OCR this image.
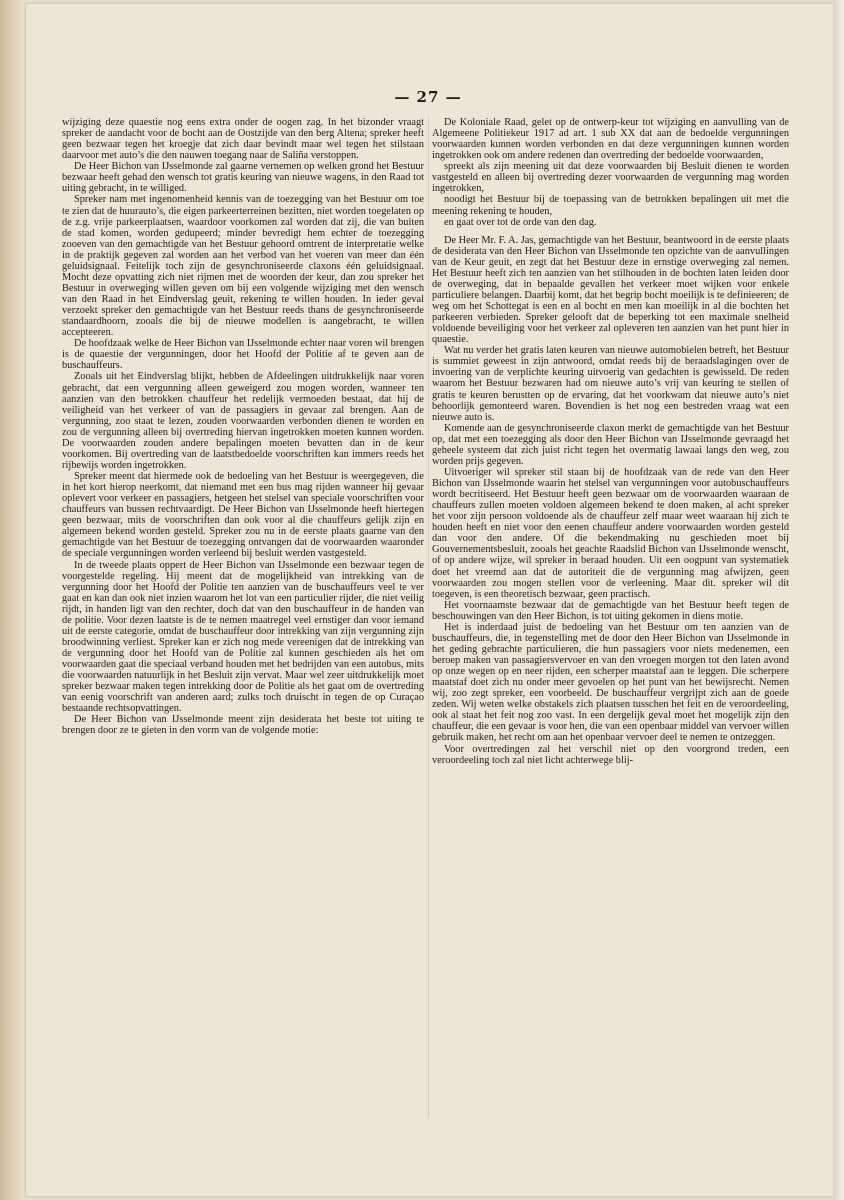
— 27 —

wijziging deze quaestie nog eens extra onder de oogen zag. In het bizonder vraagt spreker de aandacht voor de bocht aan de Oostzijde van den berg Altena; spreker heeft geen bezwaar tegen het kroegje dat zich daar bevindt maar wel tegen het stilstaan daarvoor met auto’s die den nauwen toegang naar de Saliña verstoppen.

De Heer Bichon van IJsselmonde zal gaarne vernemen op welken grond het Bestuur bezwaar heeft gehad den wensch tot gratis keuring van nieuwe wagens, in den Raad tot uiting gebracht, in te williged.

Spreker nam met ingenomenheid kennis van de toezegging van het Bestuur om toe te zien dat de huurauto’s, die eigen parkeerterreinen bezitten, niet worden toegelaten op de z.g. vrije parkeerplaatsen, waardoor voorkomen zal worden dat zij, die van buiten de stad komen, worden gedupeerd; minder bevredigt hem echter de toezegging zooeven van den gemachtigde van het Bestuur gehoord omtrent de interpretatie welke in de praktijk gegeven zal worden aan het verbod van het voeren van meer dan één geluidsignaal. Feitelijk toch zijn de gesynchroniseerde claxons één geluidsignaal. Mocht deze opvatting zich niet rijmen met de woorden der keur, dan zou spreker het Bestuur in overweging willen geven om bij een volgende wijziging met den wensch van den Raad in het Eindverslag geuit, rekening te willen houden. In ieder geval verzoekt spreker den gemachtigde van het Bestuur reeds thans de gesynchroniseerde standaardhoorn, zooals die bij de nieuwe modellen is aangebracht, te willen accepteeren.

De hoofdzaak welke de Heer Bichon van IJsselmonde echter naar voren wil brengen is de quaestie der vergunningen, door het Hoofd der Politie af te geven aan de buschauffeurs.

Zooals uit het Eindverslag blijkt, hebben de Afdeelingen uitdrukkelijk naar voren gebracht, dat een vergunning alleen geweigerd zou mogen worden, wanneer ten aanzien van den betrokken chauffeur het redelijk vermoeden bestaat, dat hij de veiligheid van het verkeer of van de passagiers in gevaar zal brengen. Aan de vergunning, zoo staat te lezen, zouden voorwaarden verbonden dienen te worden en zou de vergunning alleen bij overtreding hiervan ingetrokken moeten kunnen worden. De voorwaarden zouden andere bepalingen moeten bevatten dan in de keur voorkomen. Bij overtreding van de laatstbedoelde voorschriften kan immers reeds het rijbewijs worden ingetrokken.

Spreker meent dat hiermede ook de bedoeling van het Bestuur is weergegeven, die in het kort hierop neerkomt, dat niemand met een bus mag rijden wanneer hij gevaar oplevert voor verkeer en passagiers, hetgeen het stelsel van speciale voorschriften voor chauffeurs van bussen rechtvaardigt. De Heer Bichon van IJsselmonde heeft hiertegen geen bezwaar, mits de voorschriften dan ook voor al die chauffeurs gelijk zijn en algemeen bekend worden gesteld. Spreker zou nu in de eerste plaats gaarne van den gemachtigde van het Bestuur de toezegging ontvangen dat de voorwaarden waaronder de speciale vergunningen worden verleend bij besluit werden vastgesteld.

In de tweede plaats oppert de Heer Bichon van IJsselmonde een bezwaar tegen de voorgestelde regeling. Hij meent dat de mogelijkheid van intrekking van de vergunning door het Hoofd der Politie ten aanzien van de buschauffeurs veel te ver gaat en kan dan ook niet inzien waarom het lot van een particulier rijder, die niet veilig rijdt, in handen ligt van den rechter, doch dat van den buschauffeur in de handen van de politie. Voor dezen laatste is de te nemen maatregel veel ernstiger dan voor iemand uit de eerste categorie, omdat de buschauffeur door intrekking van zijn vergunning zijn broodwinning verliest. Spreker kan er zich nog mede vereenigen dat de intrekking van de vergunning door het Hoofd van de Politie zal kunnen geschieden als het om voorwaarden gaat die speciaal verband houden met het bedrijden van een autobus, mits die voorwaarden natuurlijk in het Besluit zijn vervat. Maar wel zeer uitdrukkelijk moet spreker bezwaar maken tegen intrekking door de Politie als het gaat om de overtreding van eenig voorschrift van anderen aard; zulks toch druischt in tegen de op Curaçao bestaande rechtsopvattingen.

De Heer Bichon van IJsselmonde meent zijn desiderata het beste tot uiting te brengen door ze te gieten in den vorm van de volgende motie:

De Koloniale Raad, gelet op de ontwerp-keur tot wijziging en aanvulling van de Algemeene Politiekeur 1917 ad art. 1 sub XX dat aan de bedoelde vergunningen voorwaarden kunnen worden verbonden en dat deze vergunningen kunnen worden ingetrokken ook om andere redenen dan overtreding der bedoelde voorwaarden,

spreekt als zijn meening uit dat deze voorwaarden bij Besluit dienen te worden vastgesteld en alleen bij overtreding dezer voorwaarden de vergunning mag worden ingetrokken,

noodigt het Bestuur bij de toepassing van de betrokken bepalingen uit met die meening rekening te houden,

en gaat over tot de orde van den dag.

De Heer Mr. F. A. Jas, gemachtigde van het Bestuur, beantwoord in de eerste plaats de desiderata van den Heer Bichon van IJsselmonde ten opzichte van de aanvullingen van de Keur geuit, en zegt dat het Bestuur deze in ernstige overweging zal nemen. Het Bestuur heeft zich ten aanzien van het stilhouden in de bochten laten leiden door de overweging, dat in bepaalde gevallen het verkeer moet wijken voor enkele particuliere belangen. Daarbij komt, dat het begrip bocht moeilijk is te definieeren; de weg om het Schottegat is een en al bocht en men kan moeilijk in al die bochten het parkeeren verbieden. Spreker gelooft dat de beperking tot een maximale snelheid voldoende beveiliging voor het verkeer zal opleveren ten aanzien van het punt hier in quaestie.

Wat nu verder het gratis laten keuren van nieuwe automobielen betreft, het Bestuur is summiet geweest in zijn antwoord, omdat reeds bij de beraadslagingen over de invoering van de verplichte keuring uitvoerig van gedachten is gewisseld. De reden waarom het Bestuur bezwaren had om nieuwe auto’s vrij van keuring te stellen of gratis te keuren berustten op de ervaring, dat het voorkwam dat nieuwe auto’s niet behoorlijk gemonteerd waren. Bovendien is het nog een bestreden vraag wat een nieuwe auto is.

Komende aan de gesynchroniseerde claxon merkt de gemachtigde van het Bestuur op, dat met een toezegging als door den Heer Bichon van IJsselmonde gevraagd het geheele systeem dat zich juist richt tegen het overmatig lawaai langs den weg, zou worden prijs gegeven.

Uitvoeriger wil spreker stil staan bij de hoofdzaak van de rede van den Heer Bichon van IJsselmonde waarin het stelsel van vergunningen voor autobuschauffeurs wordt becritiseerd. Het Bestuur heeft geen bezwaar om de voorwaarden waaraan de chauffeurs zullen moeten voldoen algemeen bekend te doen maken, al acht spreker het voor zijn persoon voldoende als de chauffeur zelf maar weet waaraan hij zich te houden heeft en niet voor den eenen chauffeur andere voorwaarden worden gesteld dan voor den andere. Of die bekendmaking nu geschieden moet bij Gouvernementsbesluit, zooals het geachte Raadslid Bichon van IJsselmonde wenscht, of op andere wijze, wil spreker in beraad houden. Uit een oogpunt van systematiek doet het vreemd aan dat de autoriteit die de vergunning mag afwijzen, geen voorwaarden zou mogen stellen voor de verleening. Maar dit. spreker wil dit toegeven, is een theoretisch bezwaar, geen practisch.

Het voornaamste bezwaar dat de gemachtigde van het Bestuur heeft tegen de beschouwingen van den Heer Bichon, is tot uiting gekomen in diens motie.

Het is inderdaad juist de bedoeling van het Bestuur om ten aanzien van de buschauffeurs, die, in tegenstelling met de door den Heer Bichon van IJsselmonde in het geding gebrachte particulieren, die hun passagiers voor niets medenemen, een beroep maken van passagiersvervoer en van den vroegen morgen tot den laten avond op onze wegen op en neer rijden, een scherper maatstaf aan te leggen. Die scherpere maatstaf doet zich nu onder meer gevoelen op het punt van het bewijsrecht. Nemen wij, zoo zegt spreker, een voorbeeld. De buschauffeur vergrijpt zich aan de goede zeden. Wij weten welke obstakels zich plaatsen tusschen het feit en de veroordeeling, ook al staat het feit nog zoo vast. In een dergelijk geval moet het mogelijk zijn den chauffeur, die een gevaar is voor hen, die van een openbaar middel van vervoer willen gebruik maken, het recht om aan het openbaar vervoer deel te nemen te ontzeggen.

Voor overtredingen zal het verschil niet op den voorgrond treden, een veroordeeling toch zal niet licht achterwege blij-
